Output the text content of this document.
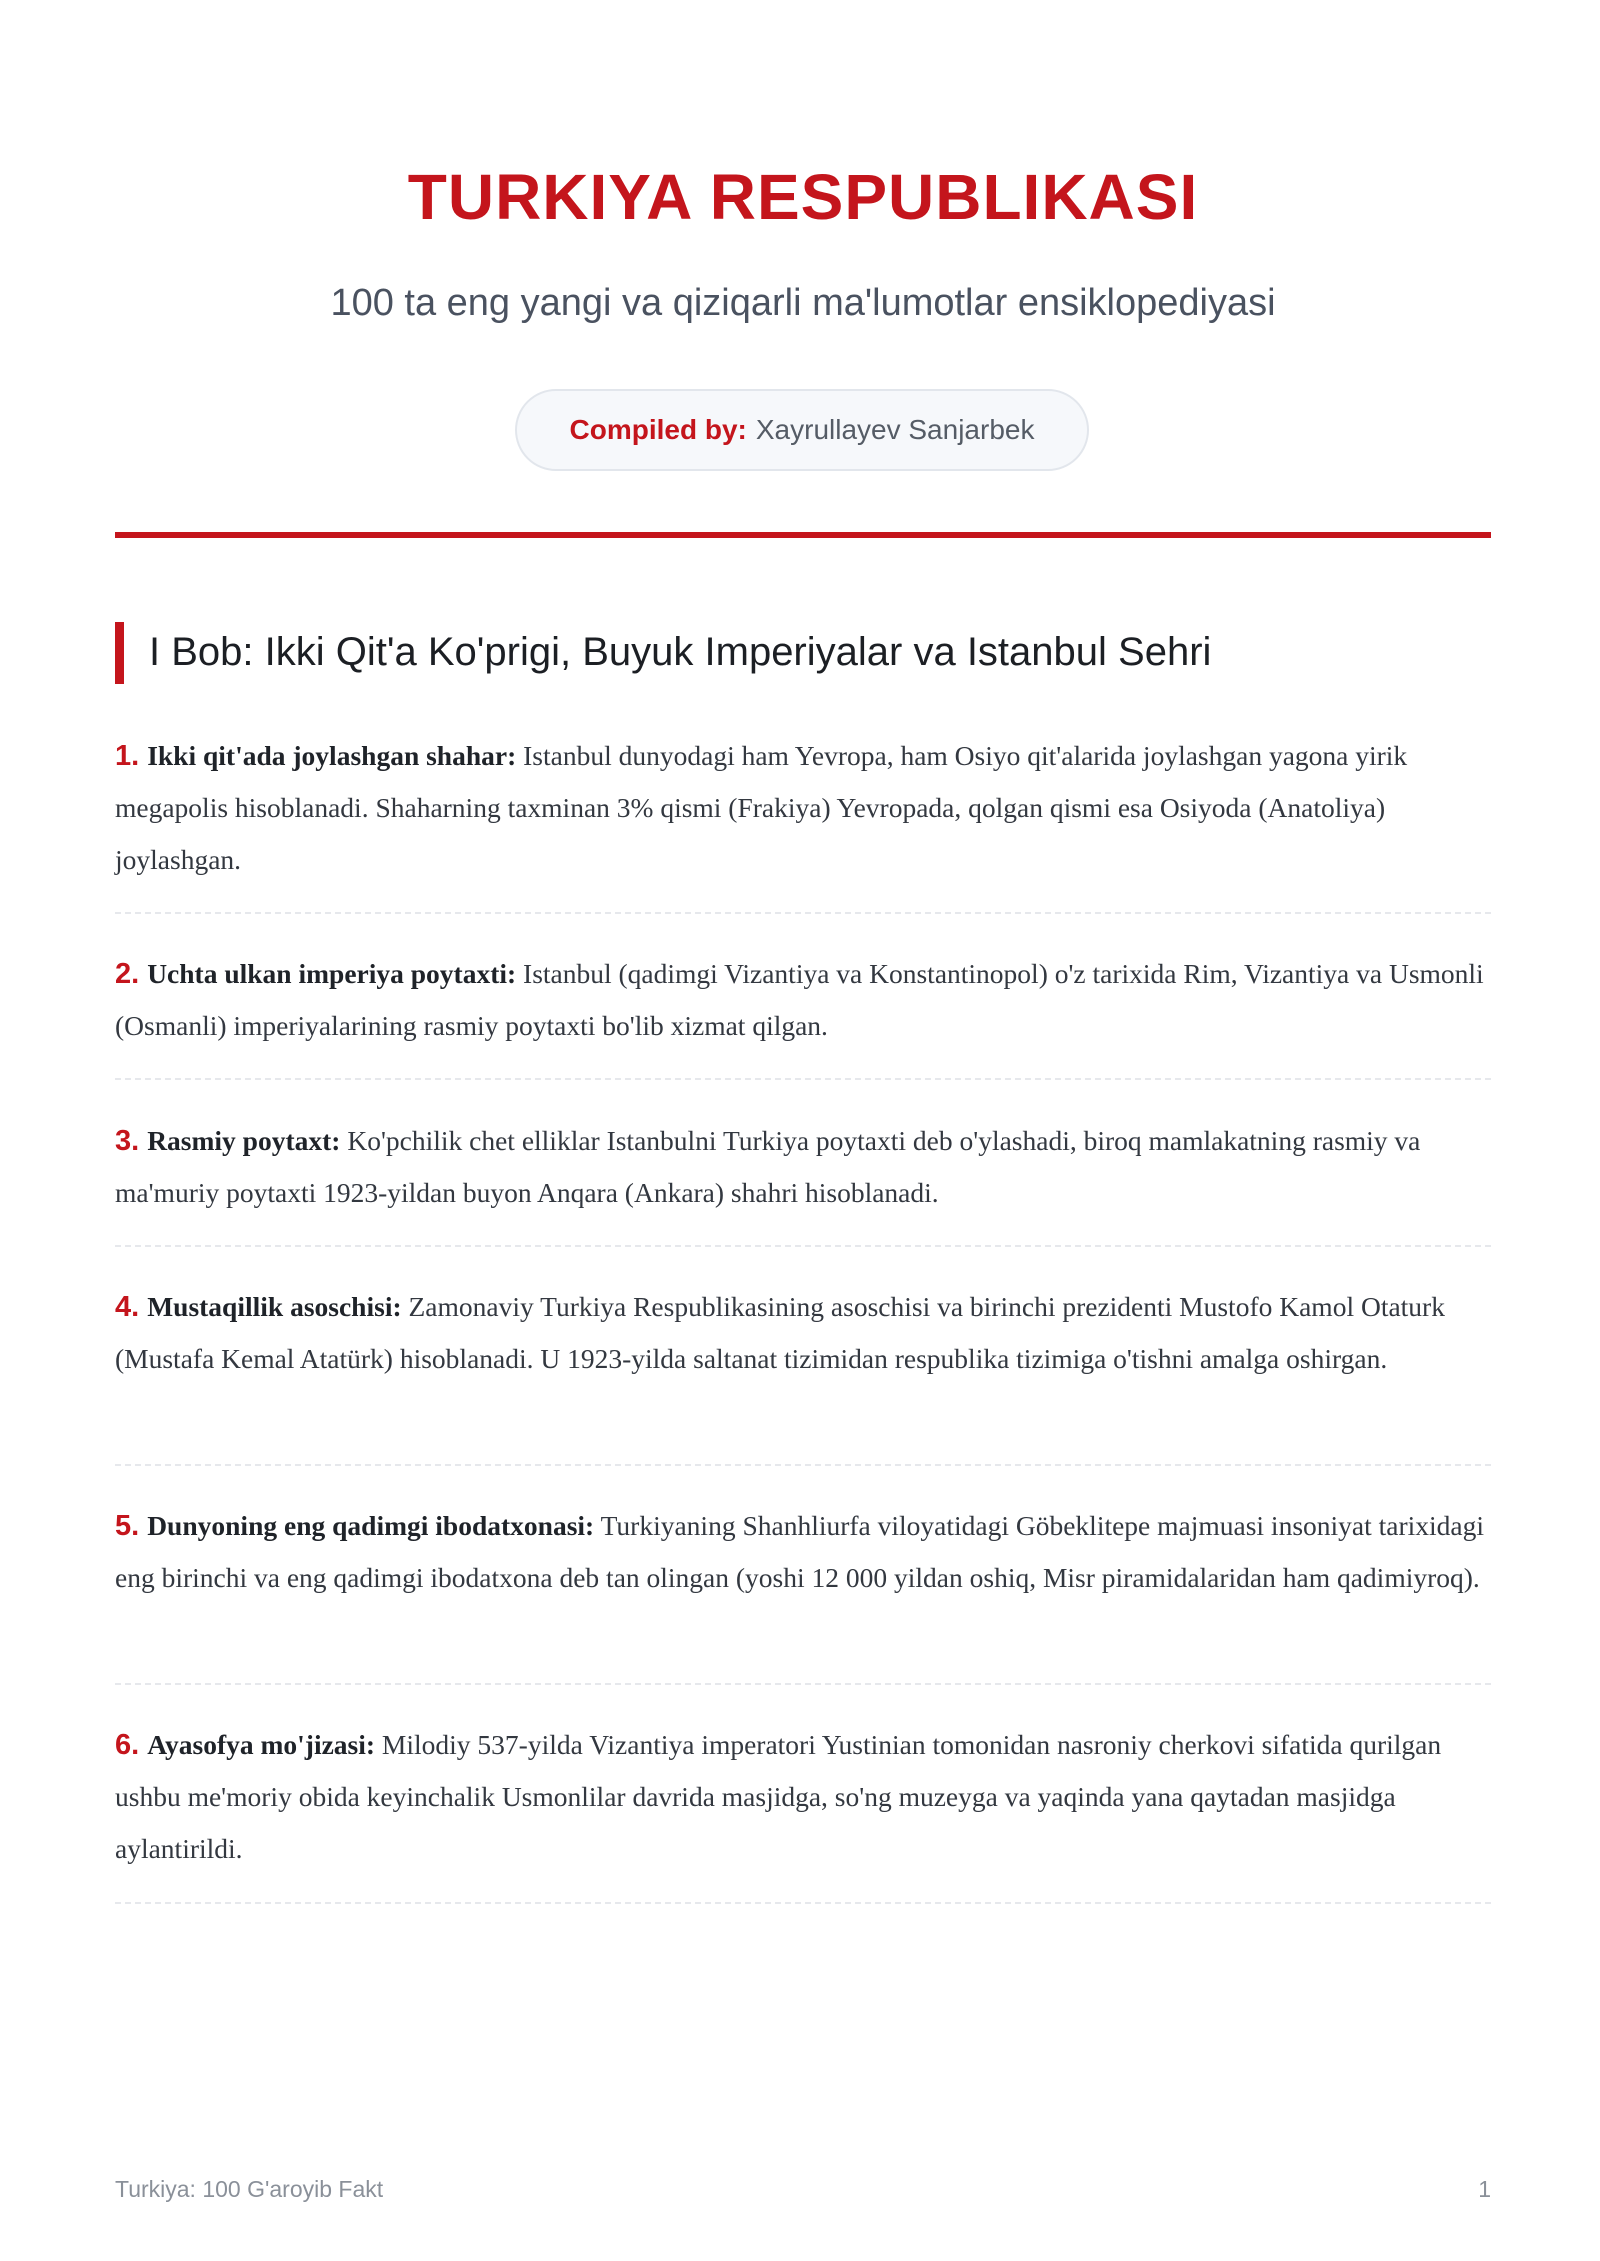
TURKIYA RESPUBLIKASI
100 ta eng yangi va qiziqarli ma'lumotlar ensiklopediyasi
Compiled by: Xayrullayev Sanjarbek
I Bob: Ikki Qit'a Ko'prigi, Buyuk Imperiyalar va Istanbul Sehri
1. Ikki qit'ada joylashgan shahar: Istanbul dunyodagi ham Yevropa, ham Osiyo qit'alarida joylashgan yagona yirik megapolis hisoblanadi. Shaharning taxminan 3% qismi (Frakiya) Yevropada, qolgan qismi esa Osiyoda (Anatoliya) joylashgan.
2. Uchta ulkan imperiya poytaxti: Istanbul (qadimgi Vizantiya va Konstantinopol) o'z tarixida Rim, Vizantiya va Usmonli (Osmanli) imperiyalarining rasmiy poytaxti bo'lib xizmat qilgan.
3. Rasmiy poytaxt: Ko'pchilik chet elliklar Istanbulni Turkiya poytaxti deb o'ylashadi, biroq mamlakatning rasmiy va ma'muriy poytaxti 1923-yildan buyon Anqara (Ankara) shahri hisoblanadi.
4. Mustaqillik asoschisi: Zamonaviy Turkiya Respublikasining asoschisi va birinchi prezidenti Mustofo Kamol Otaturk (Mustafa Kemal Atatürk) hisoblanadi. U 1923-yilda saltanat tizimidan respublika tizimiga o'tishni amalga oshirgan.
5. Dunyoning eng qadimgi ibodatxonasi: Turkiyaning Shanhliurfa viloyatidagi Göbeklitepe majmuasi insoniyat tarixidagi eng birinchi va eng qadimgi ibodatxona deb tan olingan (yoshi 12 000 yildan oshiq, Misr piramidalaridan ham qadimiyroq).
6. Ayasofya mo'jizasi: Milodiy 537-yilda Vizantiya imperatori Yustinian tomonidan nasroniy cherkovi sifatida qurilgan ushbu me'moriy obida keyinchalik Usmonlilar davrida masjidga, so'ng muzeyga va yaqinda yana qaytadan masjidga aylantirildi.
Turkiya: 100 G'aroyib Fakt	1
